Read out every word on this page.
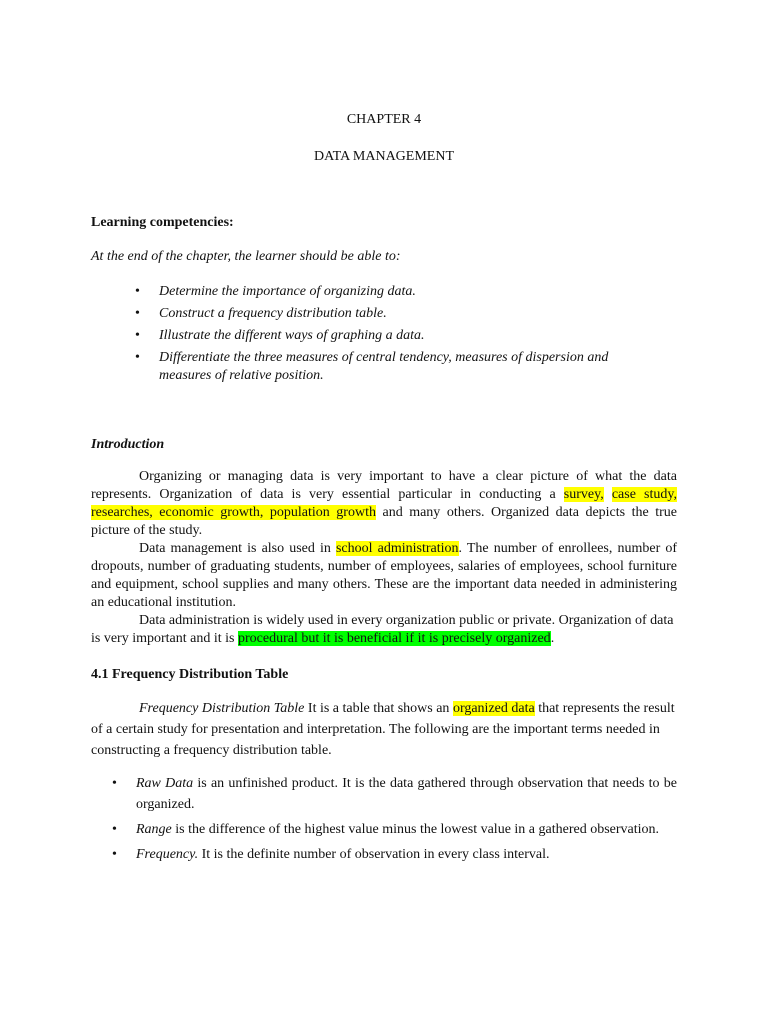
CHAPTER 4
DATA MANAGEMENT
Learning competencies:
At the end of the chapter, the learner should be able to:
• Determine the importance of organizing data.
• Construct a frequency distribution table.
• Illustrate the different ways of graphing a data.
• Differentiate the three measures of central tendency, measures of dispersion and measures of relative position.
Introduction
Organizing or managing data is very important to have a clear picture of what the data represents. Organization of data is very essential particular in conducting a survey, case study, researches, economic growth, population growth and many others. Organized data depicts the true picture of the study.
Data management is also used in school administration. The number of enrollees, number of dropouts, number of graduating students, number of employees, salaries of employees, school furniture and equipment, school supplies and many others. These are the important data needed in administering an educational institution.
Data administration is widely used in every organization public or private. Organization of data is very important and it is procedural but it is beneficial if it is precisely organized.
4.1 Frequency Distribution Table
Frequency Distribution Table It is a table that shows an organized data that represents the result of a certain study for presentation and interpretation. The following are the important terms needed in constructing a frequency distribution table.
• Raw Data is an unfinished product. It is the data gathered through observation that needs to be organized.
• Range is the difference of the highest value minus the lowest value in a gathered observation.
• Frequency. It is the definite number of observation in every class interval.
